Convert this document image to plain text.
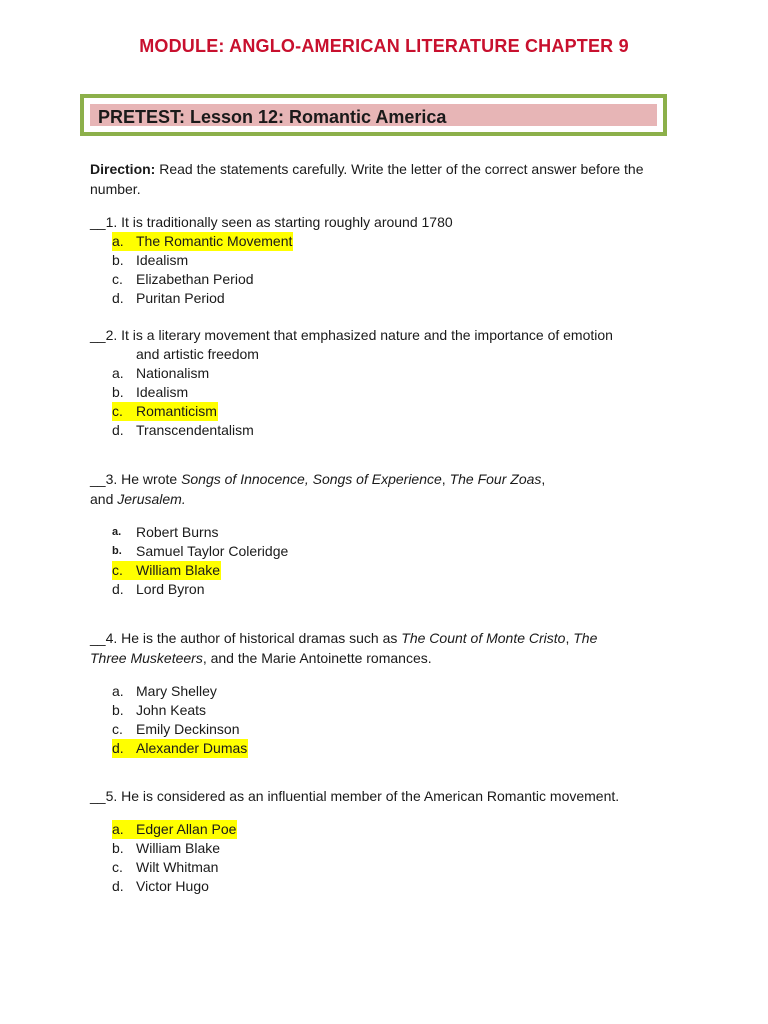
MODULE: ANGLO-AMERICAN LITERATURE CHAPTER 9
PRETEST: Lesson 12: Romantic America
Direction: Read the statements carefully. Write the letter of the correct answer before the number.
__1. It is traditionally seen as starting roughly around 1780
a. The Romantic Movement
b. Idealism
c. Elizabethan Period
d. Puritan Period
__2. It is a literary movement that emphasized nature and the importance of emotion
and artistic freedom
a. Nationalism
b. Idealism
c. Romanticism
d. Transcendentalism
__3. He wrote Songs of Innocence, Songs of Experience, The Four Zoas,
and Jerusalem.
a.	Robert Burns
b.	Samuel Taylor Coleridge
c. William Blake
d. Lord Byron
__4. He is the author of historical dramas such as The Count of Monte Cristo, The
Three Musketeers, and the Marie Antoinette romances.
a. Mary Shelley
b. John Keats
c. Emily Deckinson
d. Alexander Dumas
__5. He is considered as an influential member of the American Romantic movement.
a. Edger Allan Poe
b. William Blake
c. Wilt Whitman
d. Victor Hugo
